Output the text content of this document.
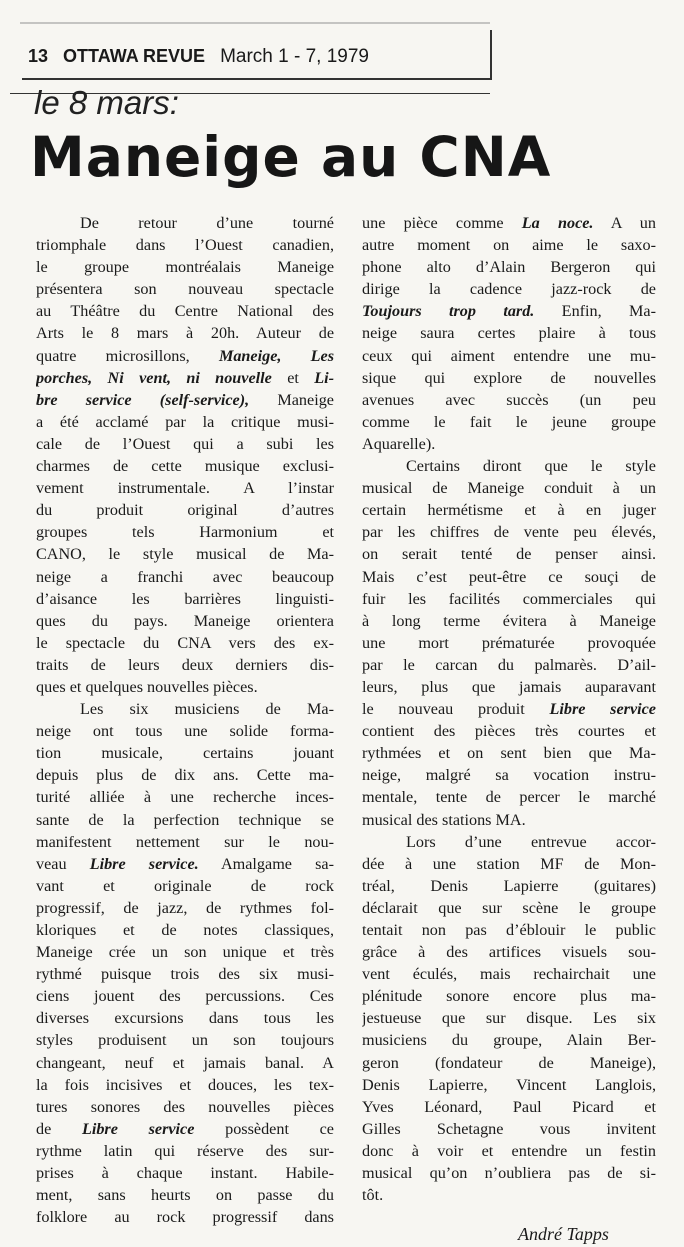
13 OTTAWA REVUE March 1 - 7, 1979
le 8 mars:
Maneige au CNA
De retour d’une tourné
triomphale dans l’Ouest canadien,
le groupe montréalais Maneige
présentera son nouveau spectacle
au Théâtre du Centre National des
Arts le 8 mars à 20h. Auteur de
quatre microsillons, Maneige, Les
porches, Ni vent, ni nouvelle et Li-
bre service (self-service), Maneige
a été acclamé par la critique musi-
cale de l’Ouest qui a subi les
charmes de cette musique exclusi-
vement instrumentale. A l’instar
du produit original d’autres
groupes tels Harmonium et
CANO, le style musical de Ma-
neige a franchi avec beaucoup
d’aisance les barrières linguisti-
ques du pays. Maneige orientera
le spectacle du CNA vers des ex-
traits de leurs deux derniers dis-
ques et quelques nouvelles pièces.
Les six musiciens de Ma-
neige ont tous une solide forma-
tion musicale, certains jouant
depuis plus de dix ans. Cette ma-
turité alliée à une recherche inces-
sante de la perfection technique se
manifestent nettement sur le nou-
veau Libre service. Amalgame sa-
vant et originale de rock
progressif, de jazz, de rythmes fol-
kloriques et de notes classiques,
Maneige crée un son unique et très
rythmé puisque trois des six musi-
ciens jouent des percussions. Ces
diverses excursions dans tous les
styles produisent un son toujours
changeant, neuf et jamais banal. A
la fois incisives et douces, les tex-
tures sonores des nouvelles pièces
de Libre service possèdent ce
rythme latin qui réserve des sur-
prises à chaque instant. Habile-
ment, sans heurts on passe du
folklore au rock progressif dans
une pièce comme La noce. A un
autre moment on aime le saxo-
phone alto d’Alain Bergeron qui
dirige la cadence jazz-rock de
Toujours trop tard. Enfin, Ma-
neige saura certes plaire à tous
ceux qui aiment entendre une mu-
sique qui explore de nouvelles
avenues avec succès (un peu
comme le fait le jeune groupe
Aquarelle).
Certains diront que le style
musical de Maneige conduit à un
certain hermétisme et à en juger
par les chiffres de vente peu élevés,
on serait tenté de penser ainsi.
Mais c’est peut-être ce souçi de
fuir les facilités commerciales qui
à long terme évitera à Maneige
une mort prématurée provoquée
par le carcan du palmarès. D’ail-
leurs, plus que jamais auparavant
le nouveau produit Libre service
contient des pièces très courtes et
rythmées et on sent bien que Ma-
neige, malgré sa vocation instru-
mentale, tente de percer le marché
musical des stations MA.
Lors d’une entrevue accor-
dée à une station MF de Mon-
tréal, Denis Lapierre (guitares)
déclarait que sur scène le groupe
tentait non pas d’éblouir le public
grâce à des artifices visuels sou-
vent éculés, mais rechairchait une
plénitude sonore encore plus ma-
jestueuse que sur disque. Les six
musiciens du groupe, Alain Ber-
geron (fondateur de Maneige),
Denis Lapierre, Vincent Langlois,
Yves Léonard, Paul Picard et
Gilles Schetagne vous invitent
donc à voir et entendre un festin
musical qu’on n’oubliera pas de si-
tôt.
André Tapps
